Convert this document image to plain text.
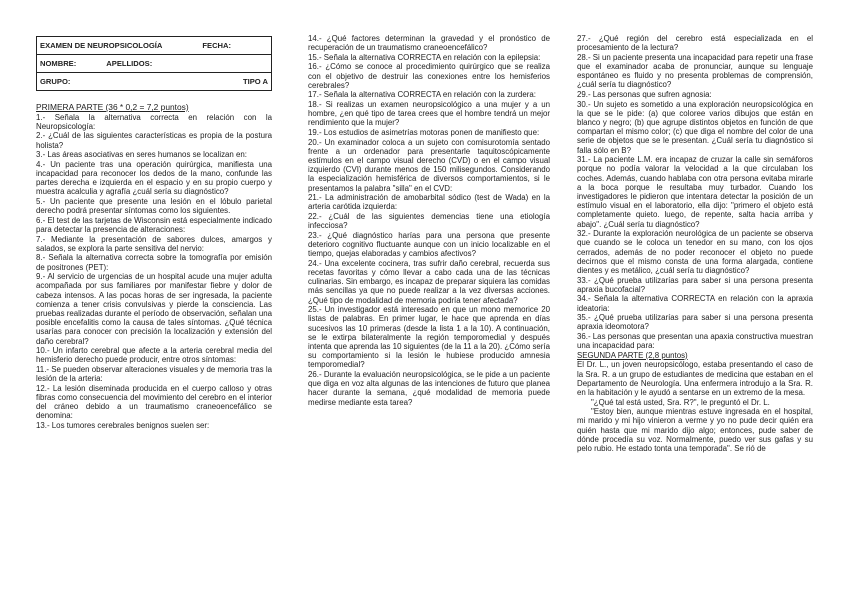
EXAMEN DE NEUROPSICOLOGÍA	FECHA:

NOMBRE:	APELLIDOS:

GRUPO:	TIPO A

PRIMERA PARTE (36 * 0,2 = 7,2 puntos)

1.- Señala la alternativa correcta en relación con la Neuropsicología:

2.- ¿Cuál de las siguientes características es propia de la postura holista?

3.- Las áreas asociativas en seres humanos se localizan en:

4.- Un paciente tras una operación quirúrgica, manifiesta una incapacidad para reconocer los dedos de la mano, confunde las partes derecha e izquierda en el espacio y en su propio cuerpo y muestra acalculia y agrafía ¿cuál sería su diagnóstico?

5.- Un paciente que presente una lesión en el lóbulo parietal derecho podrá presentar síntomas como los siguientes.

6.- El test de las tarjetas de Wisconsin está especialmente indicado para detectar la presencia de alteraciones:

7.- Mediante la presentación de sabores dulces, amargos y salados, se explora la parte sensitiva del nervio:

8.- Señala la alternativa correcta sobre la tomografía por emisión de positrones (PET):

9.- Al servicio de urgencias de un hospital acude una mujer adulta acompañada por sus familiares por manifestar fiebre y dolor de cabeza intensos. A las pocas horas de ser ingresada, la paciente comienza a tener crisis convulsivas y pierde la consciencia. Las pruebas realizadas durante el período de observación, señalan una posible encefalitis como la causa de tales síntomas. ¿Qué técnica usarías para conocer con precisión la localización y extensión del daño cerebral?

10.- Un infarto cerebral que afecte a la arteria cerebral media del hemisferio derecho puede producir, entre otros síntomas:

11.- Se pueden observar alteraciones visuales y de memoria tras la lesión de la arteria:

12.- La lesión diseminada producida en el cuerpo calloso y otras fibras como consecuencia del movimiento del cerebro en el interior del cráneo debido a un traumatismo craneoencefálico se denomina:

13.- Los tumores cerebrales benignos suelen ser:

14.- ¿Qué factores determinan la gravedad y el pronóstico de recuperación de un traumatismo craneoencefálico?

15.- Señala la alternativa CORRECTA en relación con la epilepsia:

16.- ¿Cómo se conoce al procedimiento quirúrgico que se realiza con el objetivo de destruir las conexiones entre los hemisferios cerebrales?

17.- Señala la alternativa CORRECTA en relación con la zurdera:

18.- Si realizas un examen neuropsicológico a una mujer y a un hombre, ¿en qué tipo de tarea crees que el hombre tendrá un mejor rendimiento que la mujer?

19.- Los estudios de asimetrías motoras ponen de manifiesto que:

20.- Un examinador coloca a un sujeto con comisurotomía sentado frente a un ordenador para presentarle taquitoscópicamente estímulos en el campo visual derecho (CVD) o en el campo visual izquierdo (CVI) durante menos de 150 milisegundos. Considerando la especialización hemisférica de diversos comportamientos, si le presentamos la palabra "silla" en el CVD:

21.- La administración de amobarbital sódico (test de Wada) en la arteria carótida izquierda:

22.- ¿Cuál de las siguientes demencias tiene una etiología infecciosa?

23.- ¿Qué diagnóstico harías para una persona que presente deterioro cognitivo fluctuante aunque con un inicio localizable en el tiempo, quejas elaboradas y cambios afectivos?

24.- Una excelente cocinera, tras sufrir daño cerebral, recuerda sus recetas favoritas y cómo llevar a cabo cada una de las técnicas culinarias. Sin embargo, es incapaz de preparar siquiera las comidas más sencillas ya que no puede realizar a la vez diversas acciones. ¿Qué tipo de modalidad de memoria podría tener afectada?

25.- Un investigador está interesado en que un mono memorice 20 listas de palabras. En primer lugar, le hace que aprenda en días sucesivos las 10 primeras (desde la lista 1 a la 10). A continuación, se le extirpa bilateralmente la región temporomedial y después intenta que aprenda las 10 siguientes (de la 11 a la 20). ¿Cómo sería su comportamiento si la lesión le hubiese producido amnesia temporomedial?

26.- Durante la evaluación neuropsicológica, se le pide a un paciente que diga en voz alta algunas de las intenciones de futuro que planea hacer durante la semana, ¿qué modalidad de memoria puede medirse mediante esta tarea?

27.- ¿Qué región del cerebro está especializada en el procesamiento de la lectura?

28.- Si un paciente presenta una incapacidad para repetir una frase que el examinador acaba de pronunciar, aunque su lenguaje espontáneo es fluido y no presenta problemas de comprensión, ¿cuál sería tu diagnóstico?

29.- Las personas que sufren agnosia:

30.- Un sujeto es sometido a una exploración neuropsicológica en la que se le pide: (a) que coloree varios dibujos que están en blanco y negro; (b) que agrupe distintos objetos en función de que compartan el mismo color; (c) que diga el nombre del color de una serie de objetos que se le presentan. ¿Cuál sería tu diagnóstico si falla sólo en B?

31.- La paciente L.M. era incapaz de cruzar la calle sin semáforos porque no podía valorar la velocidad a la que circulaban los coches. Además, cuando hablaba con otra persona evitaba mirarle a la boca porque le resultaba muy turbador. Cuando los investigadores le pidieron que intentara detectar la posición de un estímulo visual en el laboratorio, ella dijo: "primero el objeto está completamente quieto. luego, de repente, salta hacia arriba y abajo". ¿Cuál sería tu diagnóstico?

32.- Durante la exploración neurológica de un paciente se observa que cuando se le coloca un tenedor en su mano, con los ojos cerrados, además de no poder reconocer el objeto no puede decirnos que el mismo consta de una forma alargada, contiene dientes y es metálico, ¿cuál sería tu diagnóstico?

33.- ¿Qué prueba utilizarías para saber si una persona presenta apraxia bucofacial?

34.- Señala la alternativa CORRECTA en relación con la apraxia ideatoria:

35.- ¿Qué prueba utilizarías para saber si una persona presenta apraxia ideomotora?

36.- Las personas que presentan una apaxia constructiva muestran una incapacidad para:

SEGUNDA PARTE (2,8 puntos)

El Dr. L., un joven neuropsicólogo, estaba presentando el caso de la Sra. R. a un grupo de estudiantes de medicina que estaban en el Departamento de Neurología. Una enfermera introdujo a la Sra. R. en la habitación y le ayudó a sentarse en un extremo de la mesa.

"¿Qué tal está usted, Sra. R?", le preguntó el Dr. L.

"Estoy bien, aunque mientras estuve ingresada en el hospital, mi marido y mi hijo vinieron a verme y yo no pude decir quién era quién hasta que mi marido dijo algo; entonces, pude saber de dónde procedía su voz. Normalmente, puedo ver sus gafas y su pelo rubio. He estado tonta una temporada". Se rió de
